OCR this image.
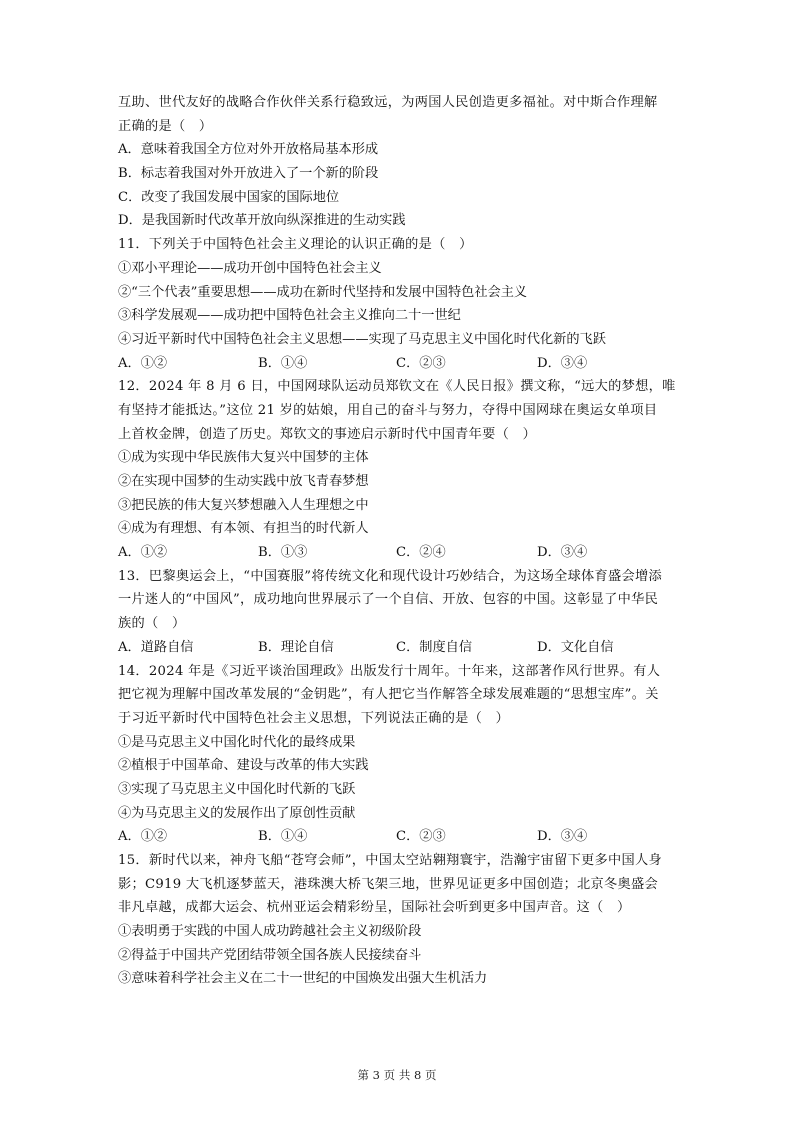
互助、世代友好的战略合作伙伴关系行稳致远，为两国人民创造更多福祉。对中斯合作理解
正确的是（　）
A．意味着我国全方位对外开放格局基本形成
B．标志着我国对外开放进入了一个新的阶段
C．改变了我国发展中国家的国际地位
D．是我国新时代改革开放向纵深推进的生动实践
11．下列关于中国特色社会主义理论的认识正确的是（　）
①邓小平理论——成功开创中国特色社会主义
②“三个代表”重要思想——成功在新时代坚持和发展中国特色社会主义
③科学发展观——成功把中国特色社会主义推向二十一世纪
④习近平新时代中国特色社会主义思想——实现了马克思主义中国化时代化新的飞跃
A．①②	B．①④	C．②③	D．③④
12．2024 年 8 月 6 日，中国网球队运动员郑钦文在《人民日报》撰文称，“远大的梦想，唯
有坚持才能抵达。”这位 21 岁的姑娘，用自己的奋斗与努力，夺得中国网球在奥运女单项目
上首枚金牌，创造了历史。郑钦文的事迹启示新时代中国青年要（　）
①成为实现中华民族伟大复兴中国梦的主体
②在实现中国梦的生动实践中放飞青春梦想
③把民族的伟大复兴梦想融入人生理想之中
④成为有理想、有本领、有担当的时代新人
A．①②	B．①③	C．②④	D．③④
13．巴黎奥运会上，“中国赛服”将传统文化和现代设计巧妙结合，为这场全球体育盛会增添
一片迷人的“中国风”，成功地向世界展示了一个自信、开放、包容的中国。这彰显了中华民
族的（　）
A．道路自信	B．理论自信	C．制度自信	D．文化自信
14．2024 年是《习近平谈治国理政》出版发行十周年。十年来，这部著作风行世界。有人
把它视为理解中国改革发展的“金钥匙”，有人把它当作解答全球发展难题的“思想宝库”。关
于习近平新时代中国特色社会主义思想，下列说法正确的是（　）
①是马克思主义中国化时代化的最终成果
②植根于中国革命、建设与改革的伟大实践
③实现了马克思主义中国化时代新的飞跃
④为马克思主义的发展作出了原创性贡献
A．①②	B．①④	C．②③	D．③④
15．新时代以来，神舟飞船“苍穹会师”，中国太空站翱翔寰宇，浩瀚宇宙留下更多中国人身
影；C919 大飞机逐梦蓝天，港珠澳大桥飞架三地，世界见证更多中国创造；北京冬奥盛会
非凡卓越，成都大运会、杭州亚运会精彩纷呈，国际社会听到更多中国声音。这（　）
①表明勇于实践的中国人成功跨越社会主义初级阶段
②得益于中国共产党团结带领全国各族人民接续奋斗
③意味着科学社会主义在二十一世纪的中国焕发出强大生机活力
第 3 页 共 8 页
